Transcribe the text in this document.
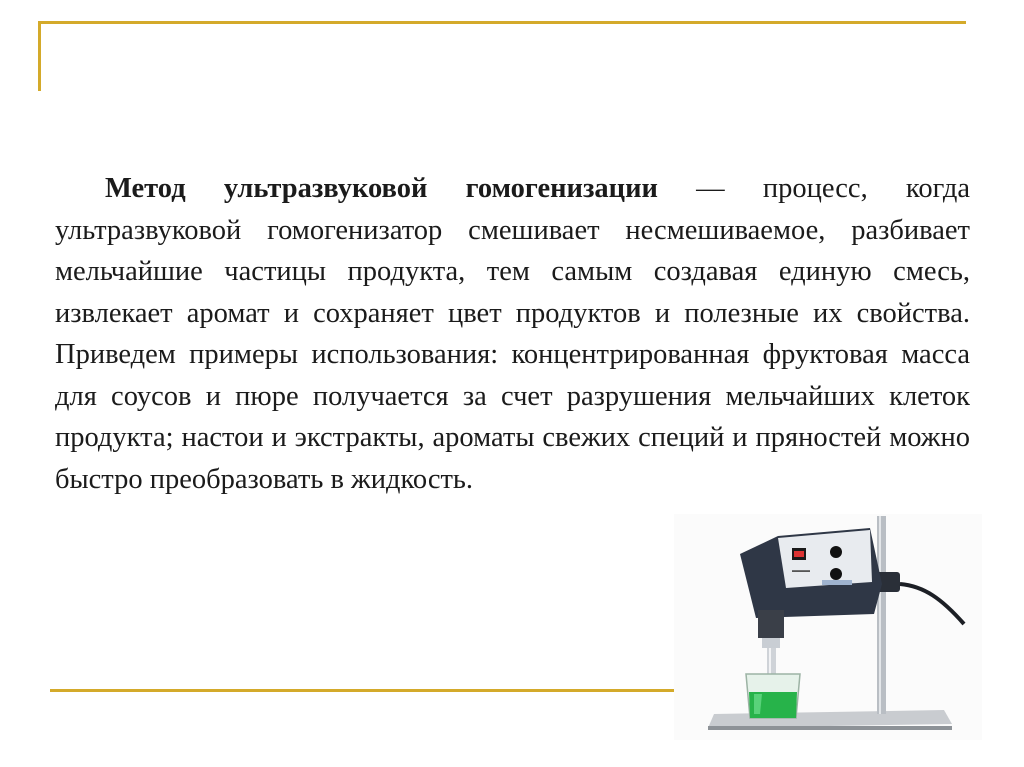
Метод ультразвуковой гомогенизации — процесс, когда ультразвуковой гомогенизатор смешивает несмешиваемое, разбивает мельчайшие частицы продукта, тем самым создавая единую смесь, извлекает аромат и сохраняет цвет продуктов и полезные их свойства. Приведем примеры использования: концентрированная фруктовая масса для соусов и пюре получается за счет разрушения мельчайших клеток продукта; настои и экстракты, ароматы свежих специй и пряностей можно быстро преобразовать в жидкость.

▬▬▬
